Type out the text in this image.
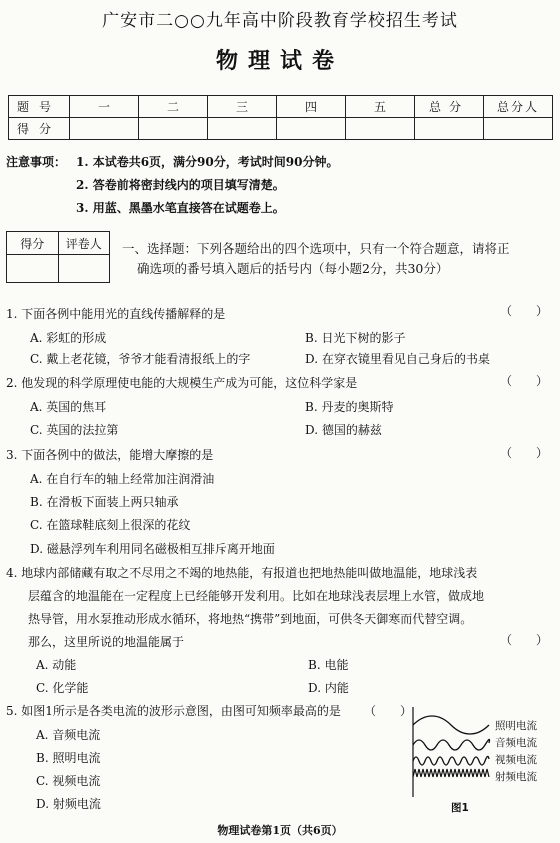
广安市二○○九年高中阶段教育学校招生考试
物理试卷
题号	一	二	三	四	五	总分	总分人
得分							
注意事项： 1. 本试卷共6页，满分90分，考试时间90分钟。
2. 答卷前将密封线内的项目填写清楚。
3. 用蓝、黑墨水笔直接答在试题卷上。
得分	评卷人
	一、选择题：下列各题给出的四个选项中，只有一个符合题意，请将正
确选项的番号填入题后的括号内（每小题2分，共30分）
1. 下面各例中能用光的直线传播解释的是	（　　）
A. 彩虹的形成	B. 日光下树的影子
C. 戴上老花镜，爷爷才能看清报纸上的字	D. 在穿衣镜里看见自己身后的书桌
2. 他发现的科学原理使电能的大规模生产成为可能，这位科学家是	（　　）
A. 英国的焦耳	B. 丹麦的奥斯特
C. 英国的法拉第	D. 德国的赫兹
3. 下面各例中的做法，能增大摩擦的是	（　　）
A. 在自行车的轴上经常加注润滑油
B. 在滑板下面装上两只轴承
C. 在篮球鞋底刻上很深的花纹
D. 磁悬浮列车利用同名磁极相互排斥离开地面
4. 地球内部储藏有取之不尽用之不竭的地热能，有报道也把地热能叫做地温能，地球浅表
层蕴含的地温能在一定程度上已经能够开发利用。比如在地球浅表层埋上水管，做成地
热导管，用水泵推动形成水循环，将地热“携带”到地面，可供冬天御寒而代替空调。
那么，这里所说的地温能属于	（　　）
A. 动能	B. 电能
C. 化学能	D. 内能
5. 如图1所示是各类电流的波形示意图，由图可知频率最高的是 （　　）
A. 音频电流
B. 照明电流
C. 视频电流
D. 射频电流
照明电流
音频电流
视频电流
射频电流
图1
物理试卷第1页（共6页）
